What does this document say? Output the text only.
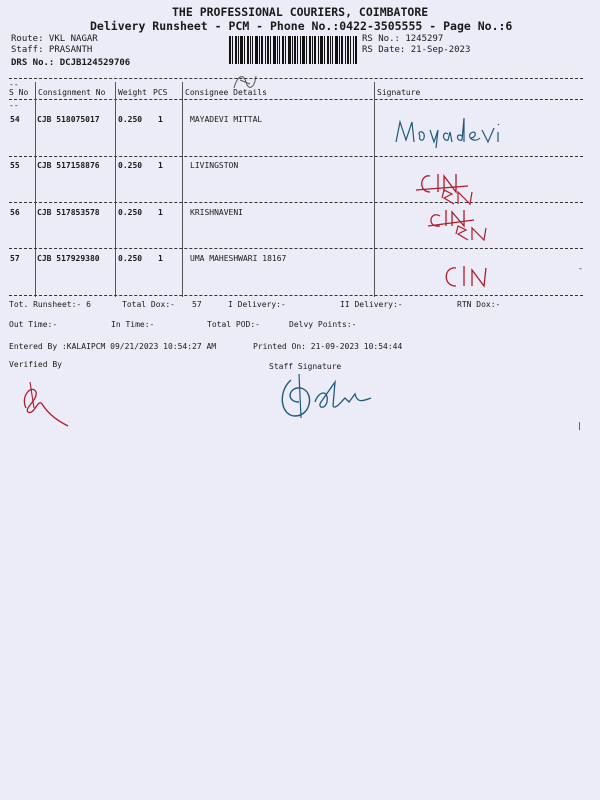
THE PROFESSIONAL COURIERS, COIMBATORE
Delivery Runsheet - PCM - Phone No.:0422-3505555 - Page No.:6
Route: VKL NAGAR
Staff: PRASANTH
DRS No.: DCJB124529706
RS No.: 1245297
RS Date: 21-Sep-2023
--
S No Consignment No Weight PCS Consignee Details	Signature
--
54 CJB 518075017 0.250 1	MAYADEVI MITTAL
55 CJB 517158876 0.250 1	LIVINGSTON
56 CJB 517853578 0.250 1	KRISHNAVENI
57 CJB 517929380 0.250 1	UMA MAHESHWARI 18167
-
Tot. Runsheet:- 6	Total Dox:- 57	I Delivery:-	II Delivery:-	RTN Dox:-
Out Time:-	In Time:-	Total POD:-	Delvy Points:-
Entered By :KALAIPCM 09/21/2023 10:54:27 AM	Printed On: 21-09-2023 10:54:44
Verified By	Staff Signature
|
